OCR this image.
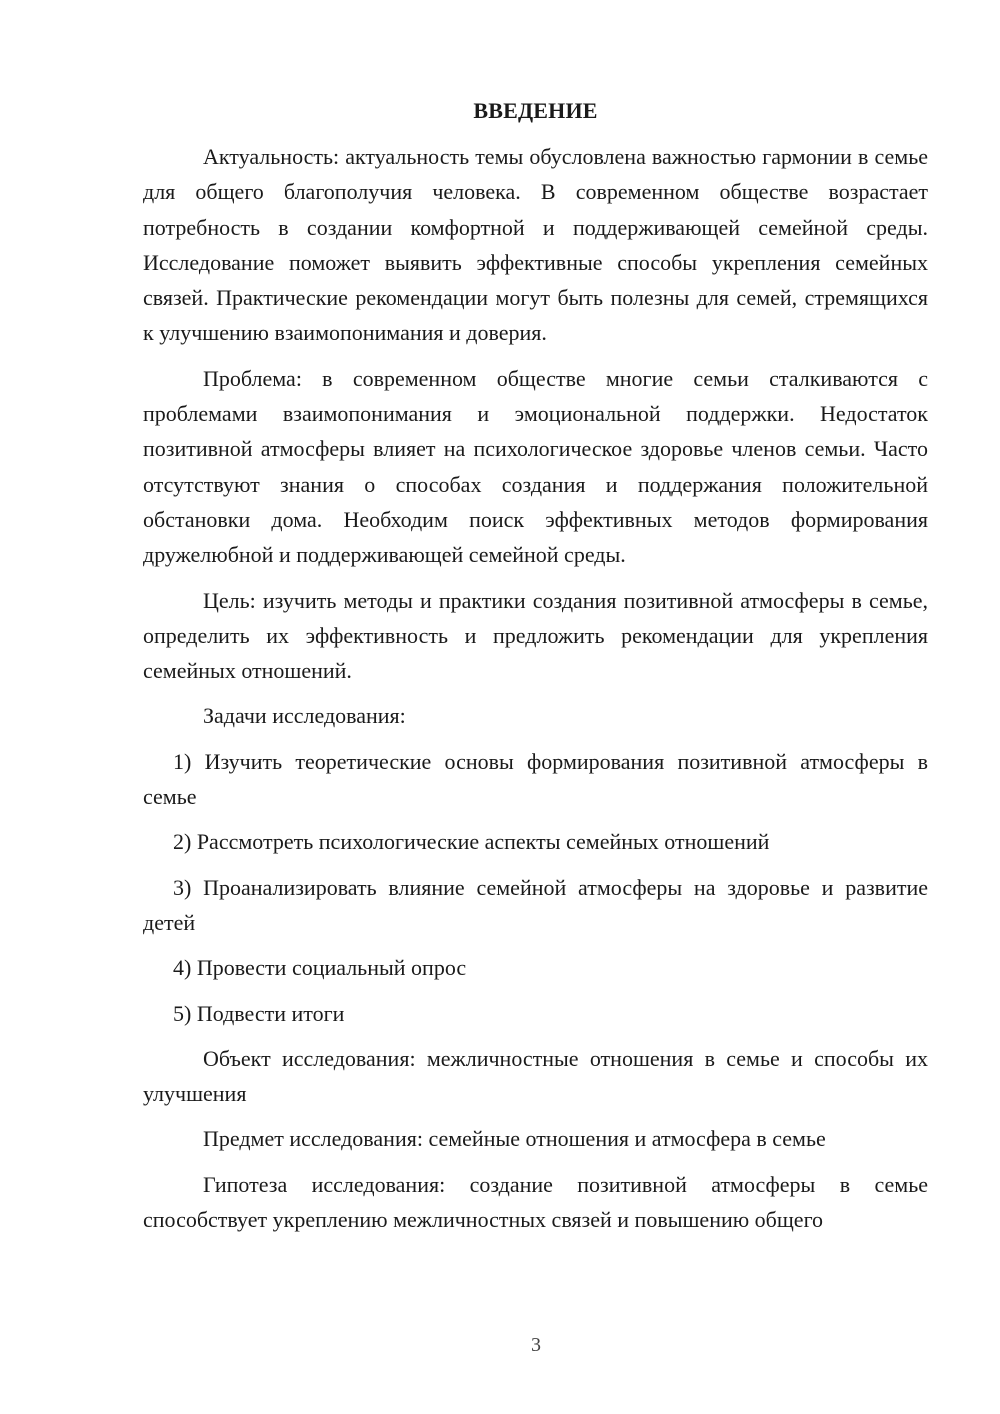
ВВЕДЕНИЕ

Актуальность: актуальность темы обусловлена важностью гармонии в семье для общего благополучия человека. В современном обществе возрастает потребность в создании комфортной и поддерживающей семейной среды. Исследование поможет выявить эффективные способы укрепления семейных связей. Практические рекомендации могут быть полезны для семей, стремящихся к улучшению взаимопонимания и доверия.

Проблема: в современном обществе многие семьи сталкиваются с проблемами взаимопонимания и эмоциональной поддержки. Недостаток позитивной атмосферы влияет на психологическое здоровье членов семьи. Часто отсутствуют знания о способах создания и поддержания положительной обстановки дома. Необходим поиск эффективных методов формирования дружелюбной и поддерживающей семейной среды.

Цель: изучить методы и практики создания позитивной атмосферы в семье, определить их эффективность и предложить рекомендации для укрепления семейных отношений.

Задачи исследования:

1) Изучить теоретические основы формирования позитивной атмосферы в семье

2) Рассмотреть психологические аспекты семейных отношений

3) Проанализировать влияние семейной атмосферы на здоровье и развитие детей

4) Провести социальный опрос

5) Подвести итоги

Объект исследования: межличностные отношения в семье и способы их улучшения

Предмет исследования: семейные отношения и атмосфера в семье

Гипотеза исследования: создание позитивной атмосферы в семье способствует укреплению межличностных связей и повышению общего

3
